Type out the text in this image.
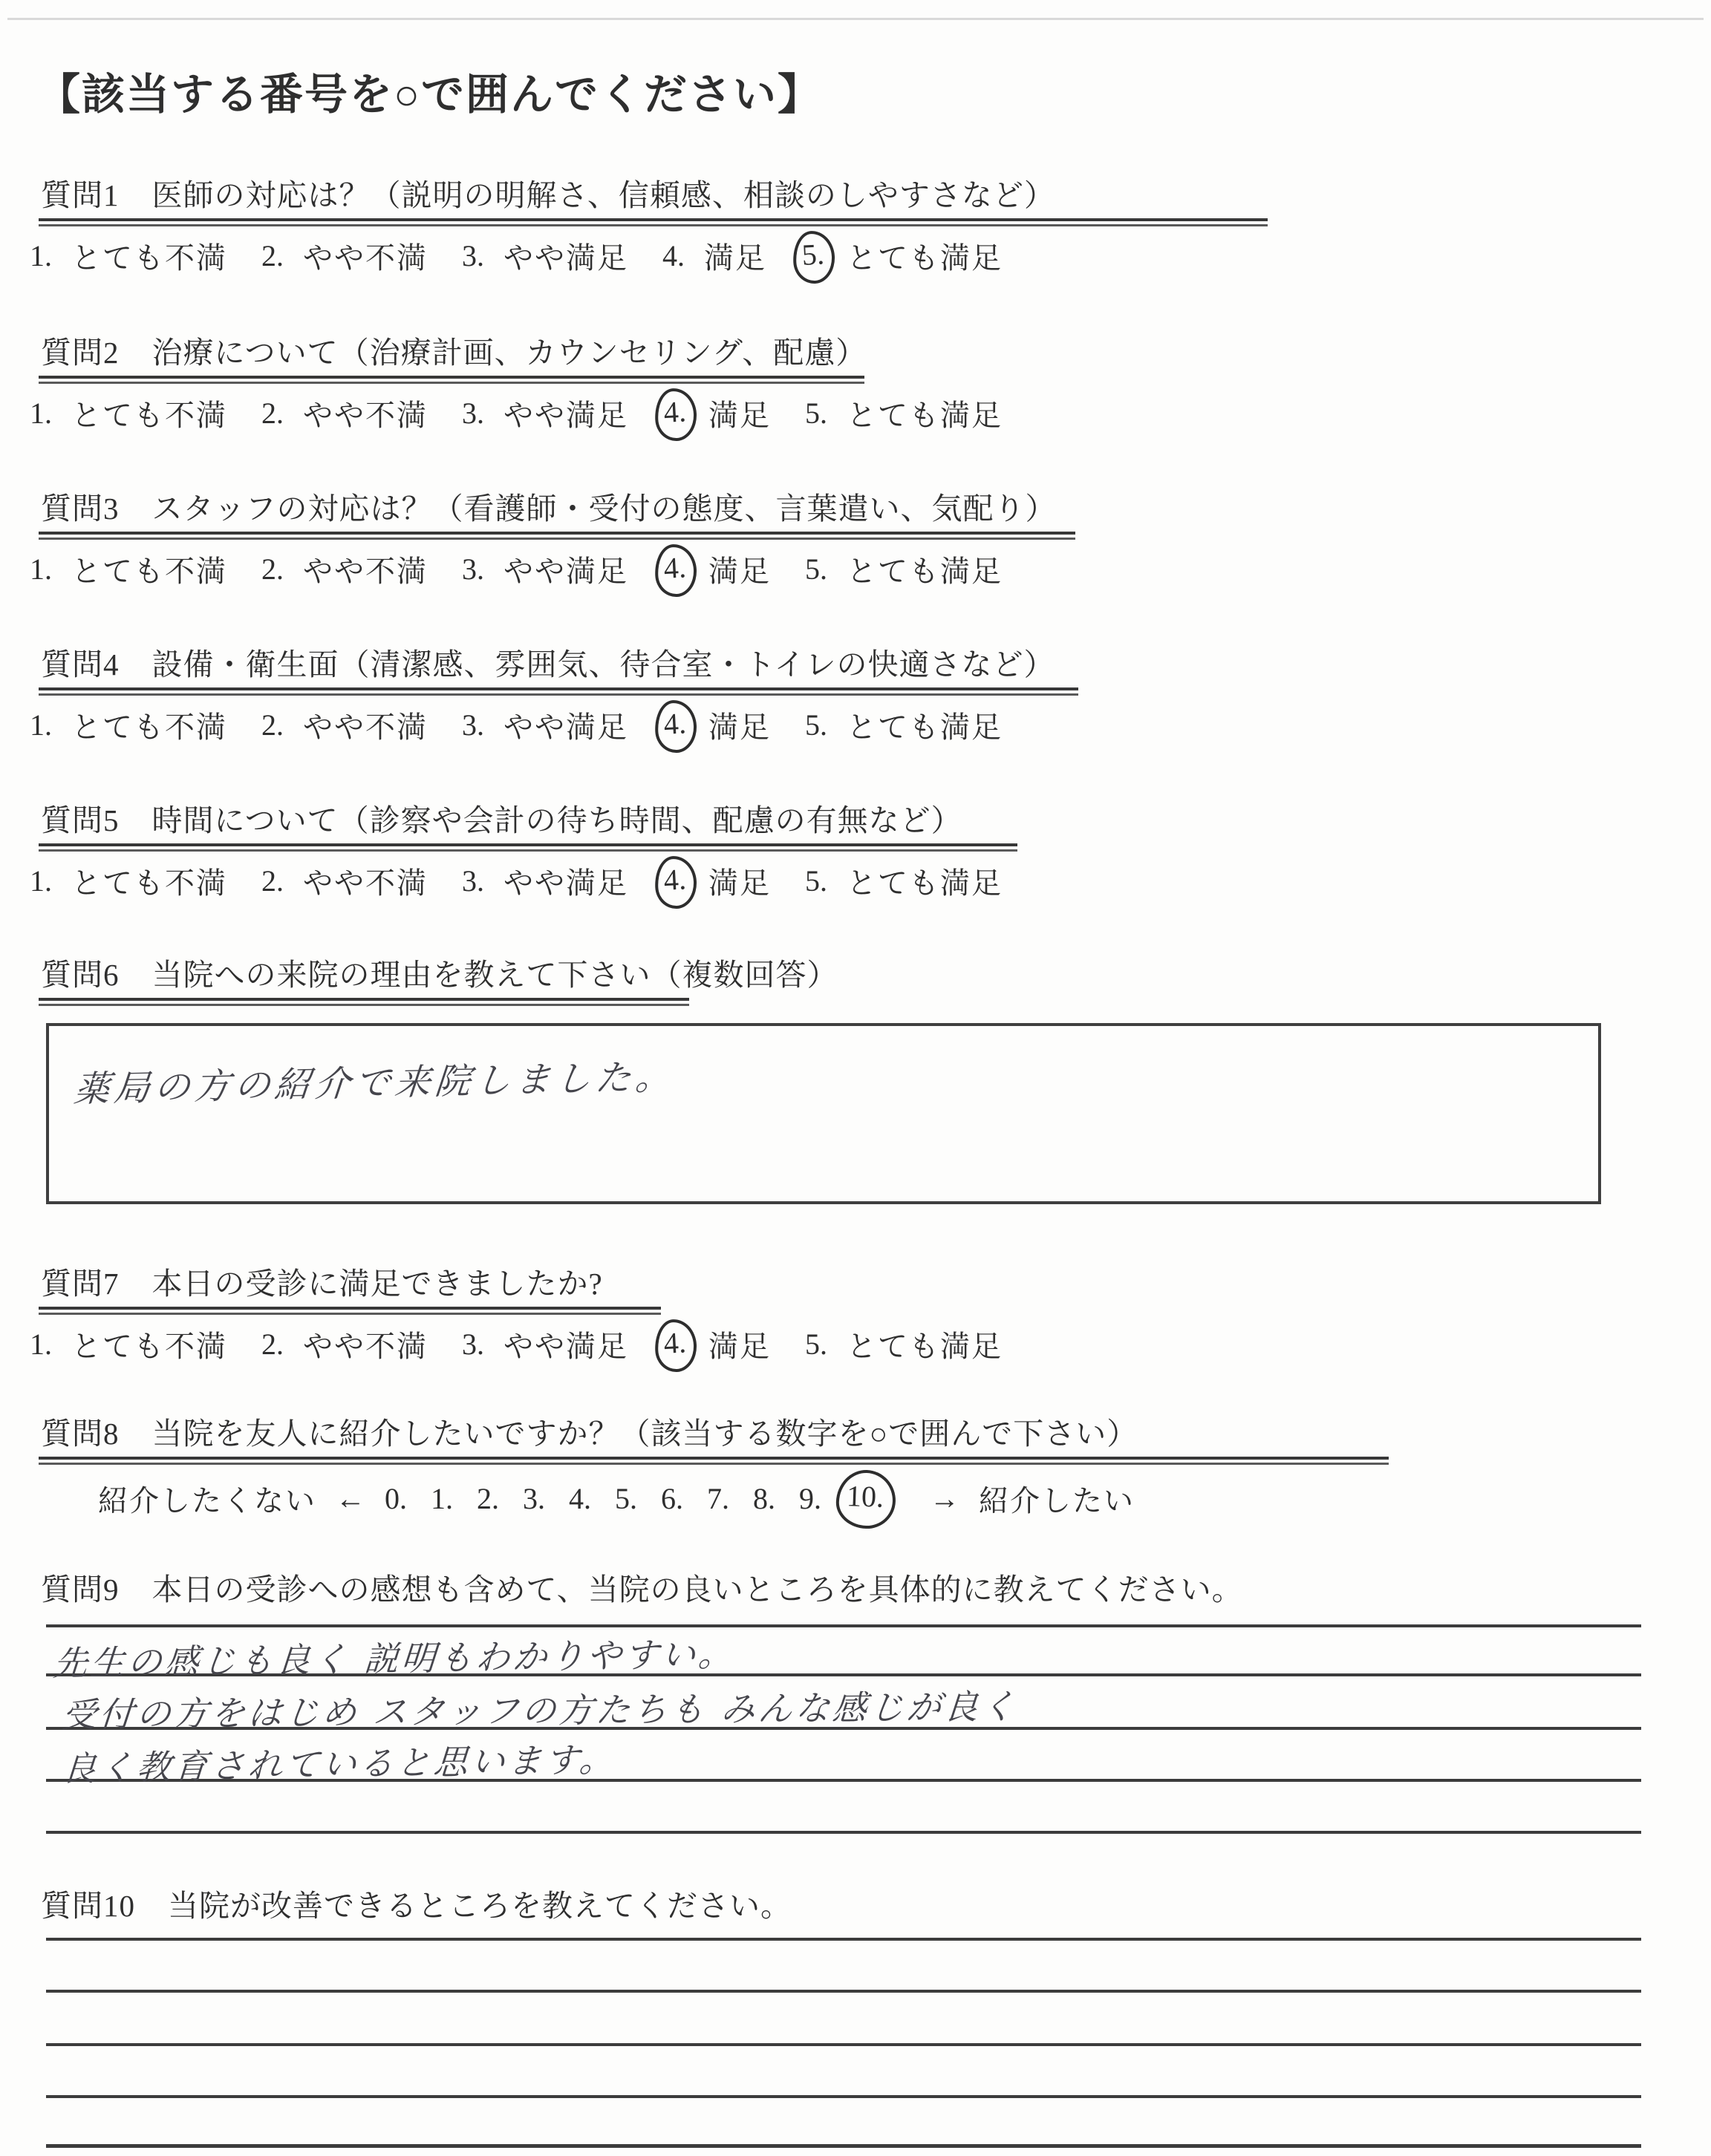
【該当する番号を○で囲んでください】
質問1 医師の対応は？（説明の明解さ、信頼感、相談のしやすさなど）
1. とても不満 2. やや不満 3. やや満足 4. 満足	5. とても満足
質問2 治療について（治療計画、カウンセリング、配慮）
1. とても不満 2. やや不満 3. やや満足	4. 満足 5. とても満足
質問3 スタッフの対応は？（看護師・受付の態度、言葉遣い、気配り）
1. とても不満 2. やや不満 3. やや満足	4. 満足 5. とても満足
質問4 設備・衛生面（清潔感、雰囲気、待合室・トイレの快適さなど）
1. とても不満 2. やや不満 3. やや満足	4. 満足 5. とても満足
質問5 時間について（診察や会計の待ち時間、配慮の有無など）
1. とても不満 2. やや不満 3. やや満足	4. 満足 5. とても満足
質問6 当院への来院の理由を教えて下さい（複数回答）
薬局の方の紹介で来院しました。
質問7 本日の受診に満足できましたか?
1. とても不満 2. やや不満 3. やや満足	4. 満足 5. とても満足
質問8 当院を友人に紹介したいですか？（該当する数字を○で囲んで下さい）
紹介したくない ← 0. 1. 2. 3. 4. 5. 6. 7. 8. 9. 10.	→ 紹介したい
質問9 本日の受診への感想も含めて、当院の良いところを具体的に教えてください。
先生の感じも良く 説明もわかりやすい。
受付の方をはじめ スタッフの方たちも みんな感じが良く
良く教育されていると思います。
質問10 当院が改善できるところを教えてください。
